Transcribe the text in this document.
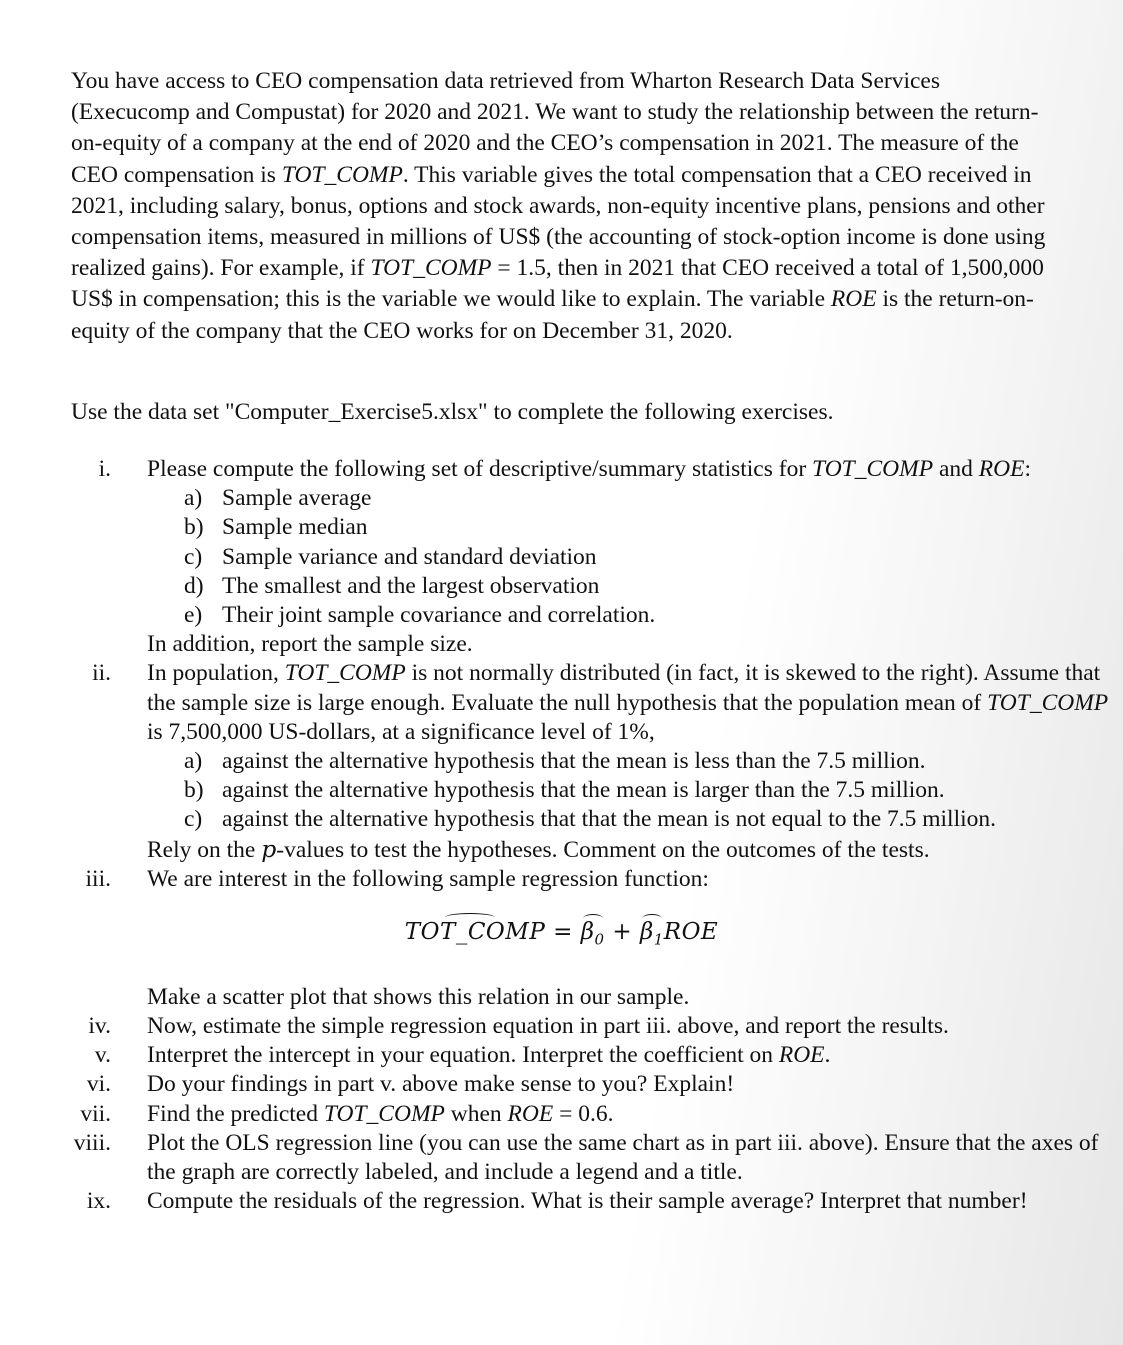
You have access to CEO compensation data retrieved from Wharton Research Data Services (Execucomp and Compustat) for 2020 and 2021. We want to study the relationship between the return-on-equity of a company at the end of 2020 and the CEO’s compensation in 2021. The measure of the CEO compensation is TOT_COMP. This variable gives the total compensation that a CEO received in 2021, including salary, bonus, options and stock awards, non-equity incentive plans, pensions and other compensation items, measured in millions of US$ (the accounting of stock-option income is done using realized gains). For example, if TOT_COMP = 1.5, then in 2021 that CEO received a total of 1,500,000 US$ in compensation; this is the variable we would like to explain. The variable ROE is the return-on-equity of the company that the CEO works for on December 31, 2020.

Use the data set "Computer_Exercise5.xlsx" to complete the following exercises.
i. Please compute the following set of descriptive/summary statistics for TOT_COMP and ROE:
a) Sample average
b) Sample median
c) Sample variance and standard deviation
d) The smallest and the largest observation
e) Their joint sample covariance and correlation.
In addition, report the sample size.
ii. In population, TOT_COMP is not normally distributed (in fact, it is skewed to the right). Assume that the sample size is large enough. Evaluate the null hypothesis that the population mean of TOT_COMP is 7,500,000 US-dollars, at a significance level of 1%,
a) against the alternative hypothesis that the mean is less than the 7.5 million.
b) against the alternative hypothesis that the mean is larger than the 7.5 million.
c) against the alternative hypothesis that that the mean is not equal to the 7.5 million.
Rely on the p-values to test the hypotheses. Comment on the outcomes of the tests.
iii. We are interest in the following sample regression function:
TOT_COMP = $\beta_0 + \beta_1ROE$
Make a scatter plot that shows this relation in our sample.
iv. Now, estimate the simple regression equation in part iii. above, and report the results.
v. Interpret the intercept in your equation. Interpret the coefficient on ROE.
vi. Do your findings in part v. above make sense to you? Explain!
vii. Find the predicted TOT_COMP when ROE = 0.6.
viii. Plot the OLS regression line (you can use the same chart as in part iii. above). Ensure that the axes of the graph are correctly labeled, and include a legend and a title.
ix. Compute the residuals of the regression. What is their sample average? Interpret that number!
